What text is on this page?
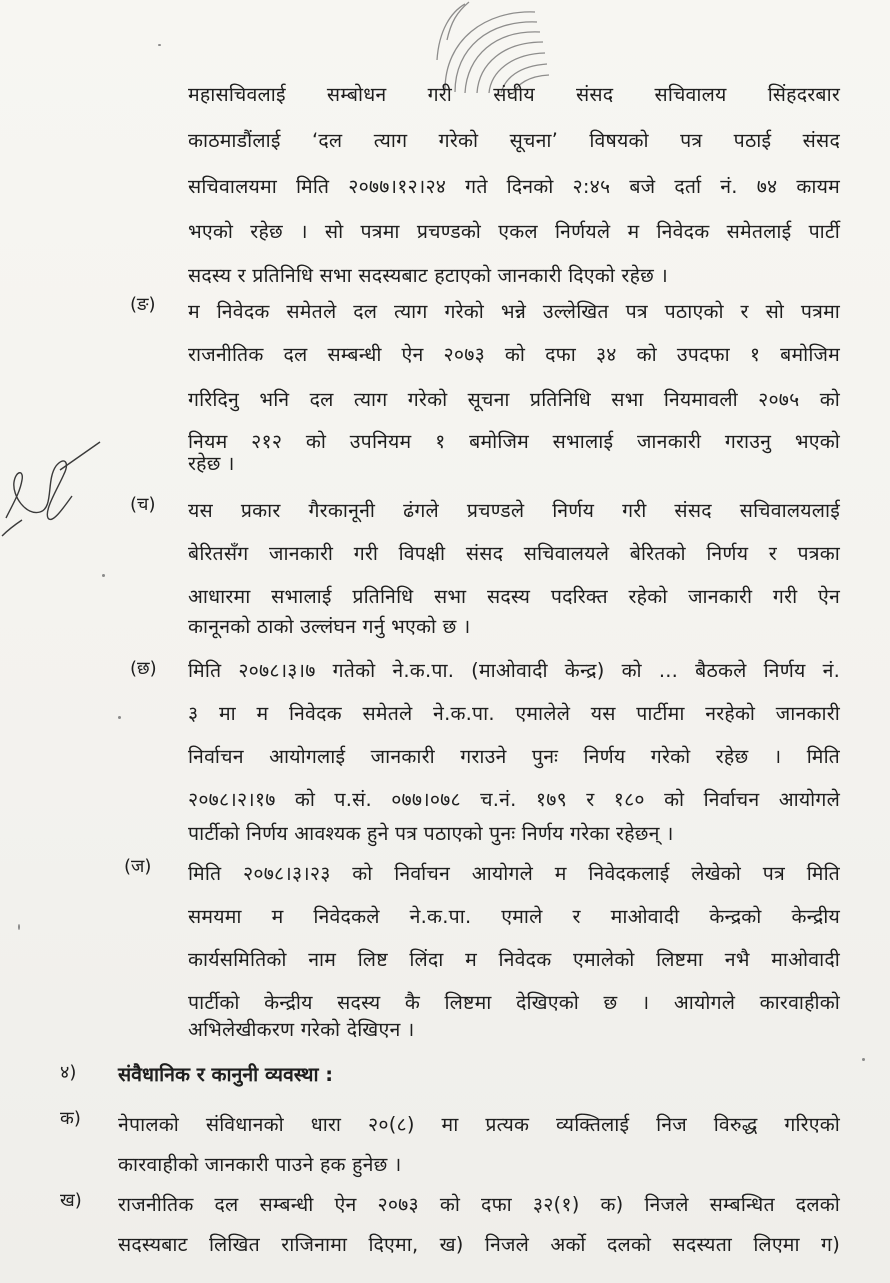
महासचिवलाई सम्बोधन गरी संघीय संसद सचिवालय सिंहदरबार
काठमाडौंलाई ‘दल त्याग गरेको सूचना’ विषयको पत्र पठाई संसद
सचिवालयमा मिति २०७७।१२।२४ गते दिनको २:४५ बजे दर्ता नं. ७४ कायम
भएको रहेछ । सो पत्रमा प्रचण्डको एकल निर्णयले म निवेदक समेतलाई पार्टी
सदस्य र प्रतिनिधि सभा सदस्यबाट हटाएको जानकारी दिएको रहेछ ।
(ङ) म निवेदक समेतले दल त्याग गरेको भन्ने उल्लेखित पत्र पठाएको र सो पत्रमा
राजनीतिक दल सम्बन्धी ऐन २०७३ को दफा ३४ को उपदफा १ बमोजिम
गरिदिनु भनि दल त्याग गरेको सूचना प्रतिनिधि सभा नियमावली २०७५ को
नियम २१२ को उपनियम १ बमोजिम सभालाई जानकारी गराउनु भएको
रहेछ ।
(च) यस प्रकार गैरकानूनी ढंगले प्रचण्डले निर्णय गरी संसद सचिवालयलाई
बेरितसँग जानकारी गरी विपक्षी संसद सचिवालयले बेरितको निर्णय र पत्रका
आधारमा सभालाई प्रतिनिधि सभा सदस्य पदरिक्त रहेको जानकारी गरी ऐन
कानूनको ठाको उल्लंघन गर्नु भएको छ ।
(छ) मिति २०७८।३।७ गतेको ने.क.पा. (माओवादी केन्द्र) को ... बैठकले निर्णय नं.
३ मा म निवेदक समेतले ने.क.पा. एमालेले यस पार्टीमा नरहेको जानकारी
निर्वाचन आयोगलाई जानकारी गराउने पुनः निर्णय गरेको रहेछ । मिति
२०७८।२।१७ को प.सं. ०७७।०७८ च.नं. १७९ र १८० को निर्वाचन आयोगले
पार्टीको निर्णय आवश्यक हुने पत्र पठाएको पुनः निर्णय गरेका रहेछन् ।
(ज) मिति २०७८।३।२३ को निर्वाचन आयोगले म निवेदकलाई लेखेको पत्र मिति
समयमा म निवेदकले ने.क.पा. एमाले र माओवादी केन्द्रको केन्द्रीय
कार्यसमितिको नाम लिष्ट लिंदा म निवेदक एमालेको लिष्टमा नभै माओवादी
पार्टीको केन्द्रीय सदस्य कै लिष्टमा देखिएको छ । आयोगले कारवाहीको
अभिलेखीकरण गरेको देखिएन ।
४) संवैधानिक र कानुनी व्यवस्था :
क) नेपालको संविधानको धारा २०(८) मा प्रत्यक व्यक्तिलाई निज विरुद्ध गरिएको
कारवाहीको जानकारी पाउने हक हुनेछ ।
ख) राजनीतिक दल सम्बन्धी ऐन २०७३ को दफा ३२(१) क) निजले सम्बन्धित दलको
सदस्यबाट लिखित राजिनामा दिएमा, ख) निजले अर्को दलको सदस्यता लिएमा ग)
